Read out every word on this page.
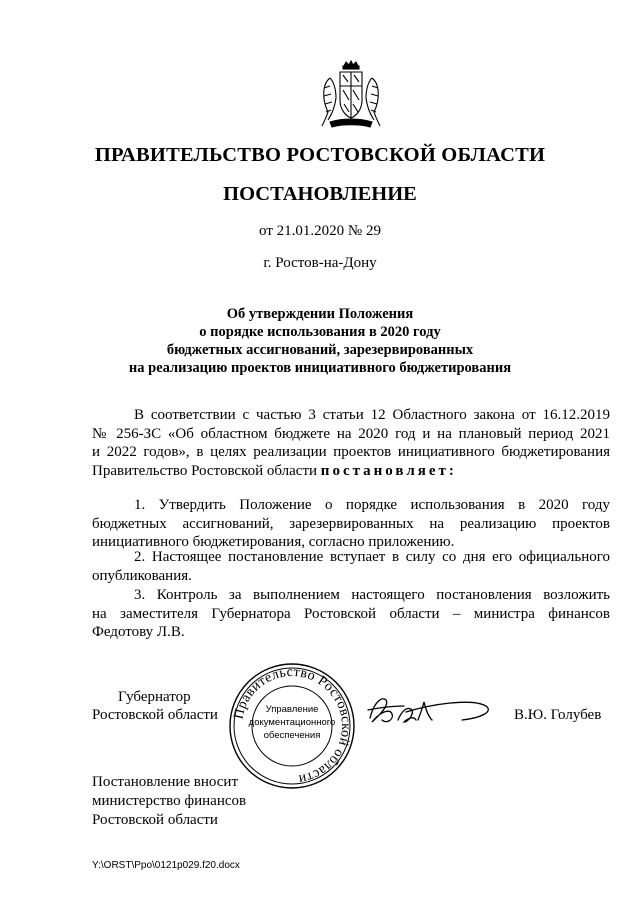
ПРАВИТЕЛЬСТВО РОСТОВСКОЙ ОБЛАСТИ
ПОСТАНОВЛЕНИЕ
от 21.01.2020 № 29
г. Ростов-на-Дону
Об утверждении Положения
о порядке использования в 2020 году
бюджетных ассигнований, зарезервированных
на реализацию проектов инициативного бюджетирования
В соответствии с частью 3 статьи 12 Областного закона от 16.12.2019
№ 256-ЗС «Об областном бюджете на 2020 год и на плановый период 2021
и 2022 годов», в целях реализации проектов инициативного бюджетирования
Правительство Ростовской области постановляет:
1. Утвердить Положение о порядке использования в 2020 году
бюджетных ассигнований, зарезервированных на реализацию проектов
инициативного бюджетирования, согласно приложению.
2. Настоящее постановление вступает в силу со дня его официального
опубликования.
3. Контроль за выполнением настоящего постановления возложить
на заместителя Губернатора Ростовской области – министра финансов
Федотову Л.В.
Губернатор
Ростовской области Правительство Ростовской области
Управление
документационного
обеспечения
В.Ю. Голубев
Постановление вносит
министерство финансов
Ростовской области
Y:\ORST\Ppo\0121p029.f20.docx
